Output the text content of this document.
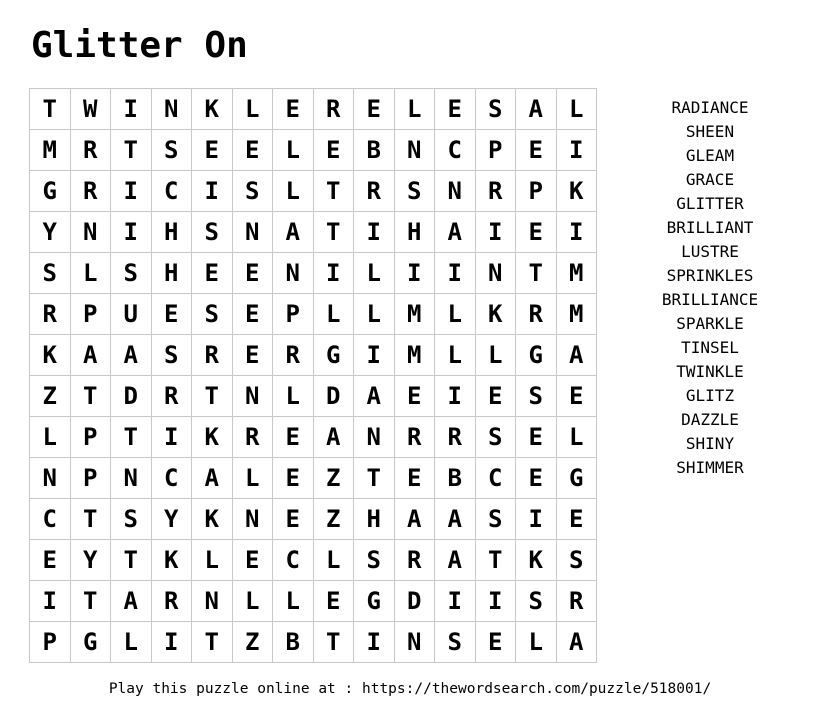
Glitter On
T	W	I	N	K	L	E	R	E	L	E	S	A	L
M	R	T	S	E	E	L	E	B	N	C	P	E	I
G	R	I	C	I	S	L	T	R	S	N	R	P	K
Y	N	I	H	S	N	A	T	I	H	A	I	E	I
S	L	S	H	E	E	N	I	L	I	I	N	T	M
R	P	U	E	S	E	P	L	L	M	L	K	R	M
K	A	A	S	R	E	R	G	I	M	L	L	G	A
Z	T	D	R	T	N	L	D	A	E	I	E	S	E
L	P	T	I	K	R	E	A	N	R	R	S	E	L
N	P	N	C	A	L	E	Z	T	E	B	C	E	G
C	T	S	Y	K	N	E	Z	H	A	A	S	I	E
E	Y	T	K	L	E	C	L	S	R	A	T	K	S
I	T	A	R	N	L	L	E	G	D	I	I	S	R
P	G	L	I	T	Z	B	T	I	N	S	E	L	A
RADIANCE
SHEEN
GLEAM
GRACE
GLITTER
BRILLIANT
LUSTRE
SPRINKLES
BRILLIANCE
SPARKLE
TINSEL
TWINKLE
GLITZ
DAZZLE
SHINY
SHIMMER
Play this puzzle online at : https://thewordsearch.com/puzzle/518001/
